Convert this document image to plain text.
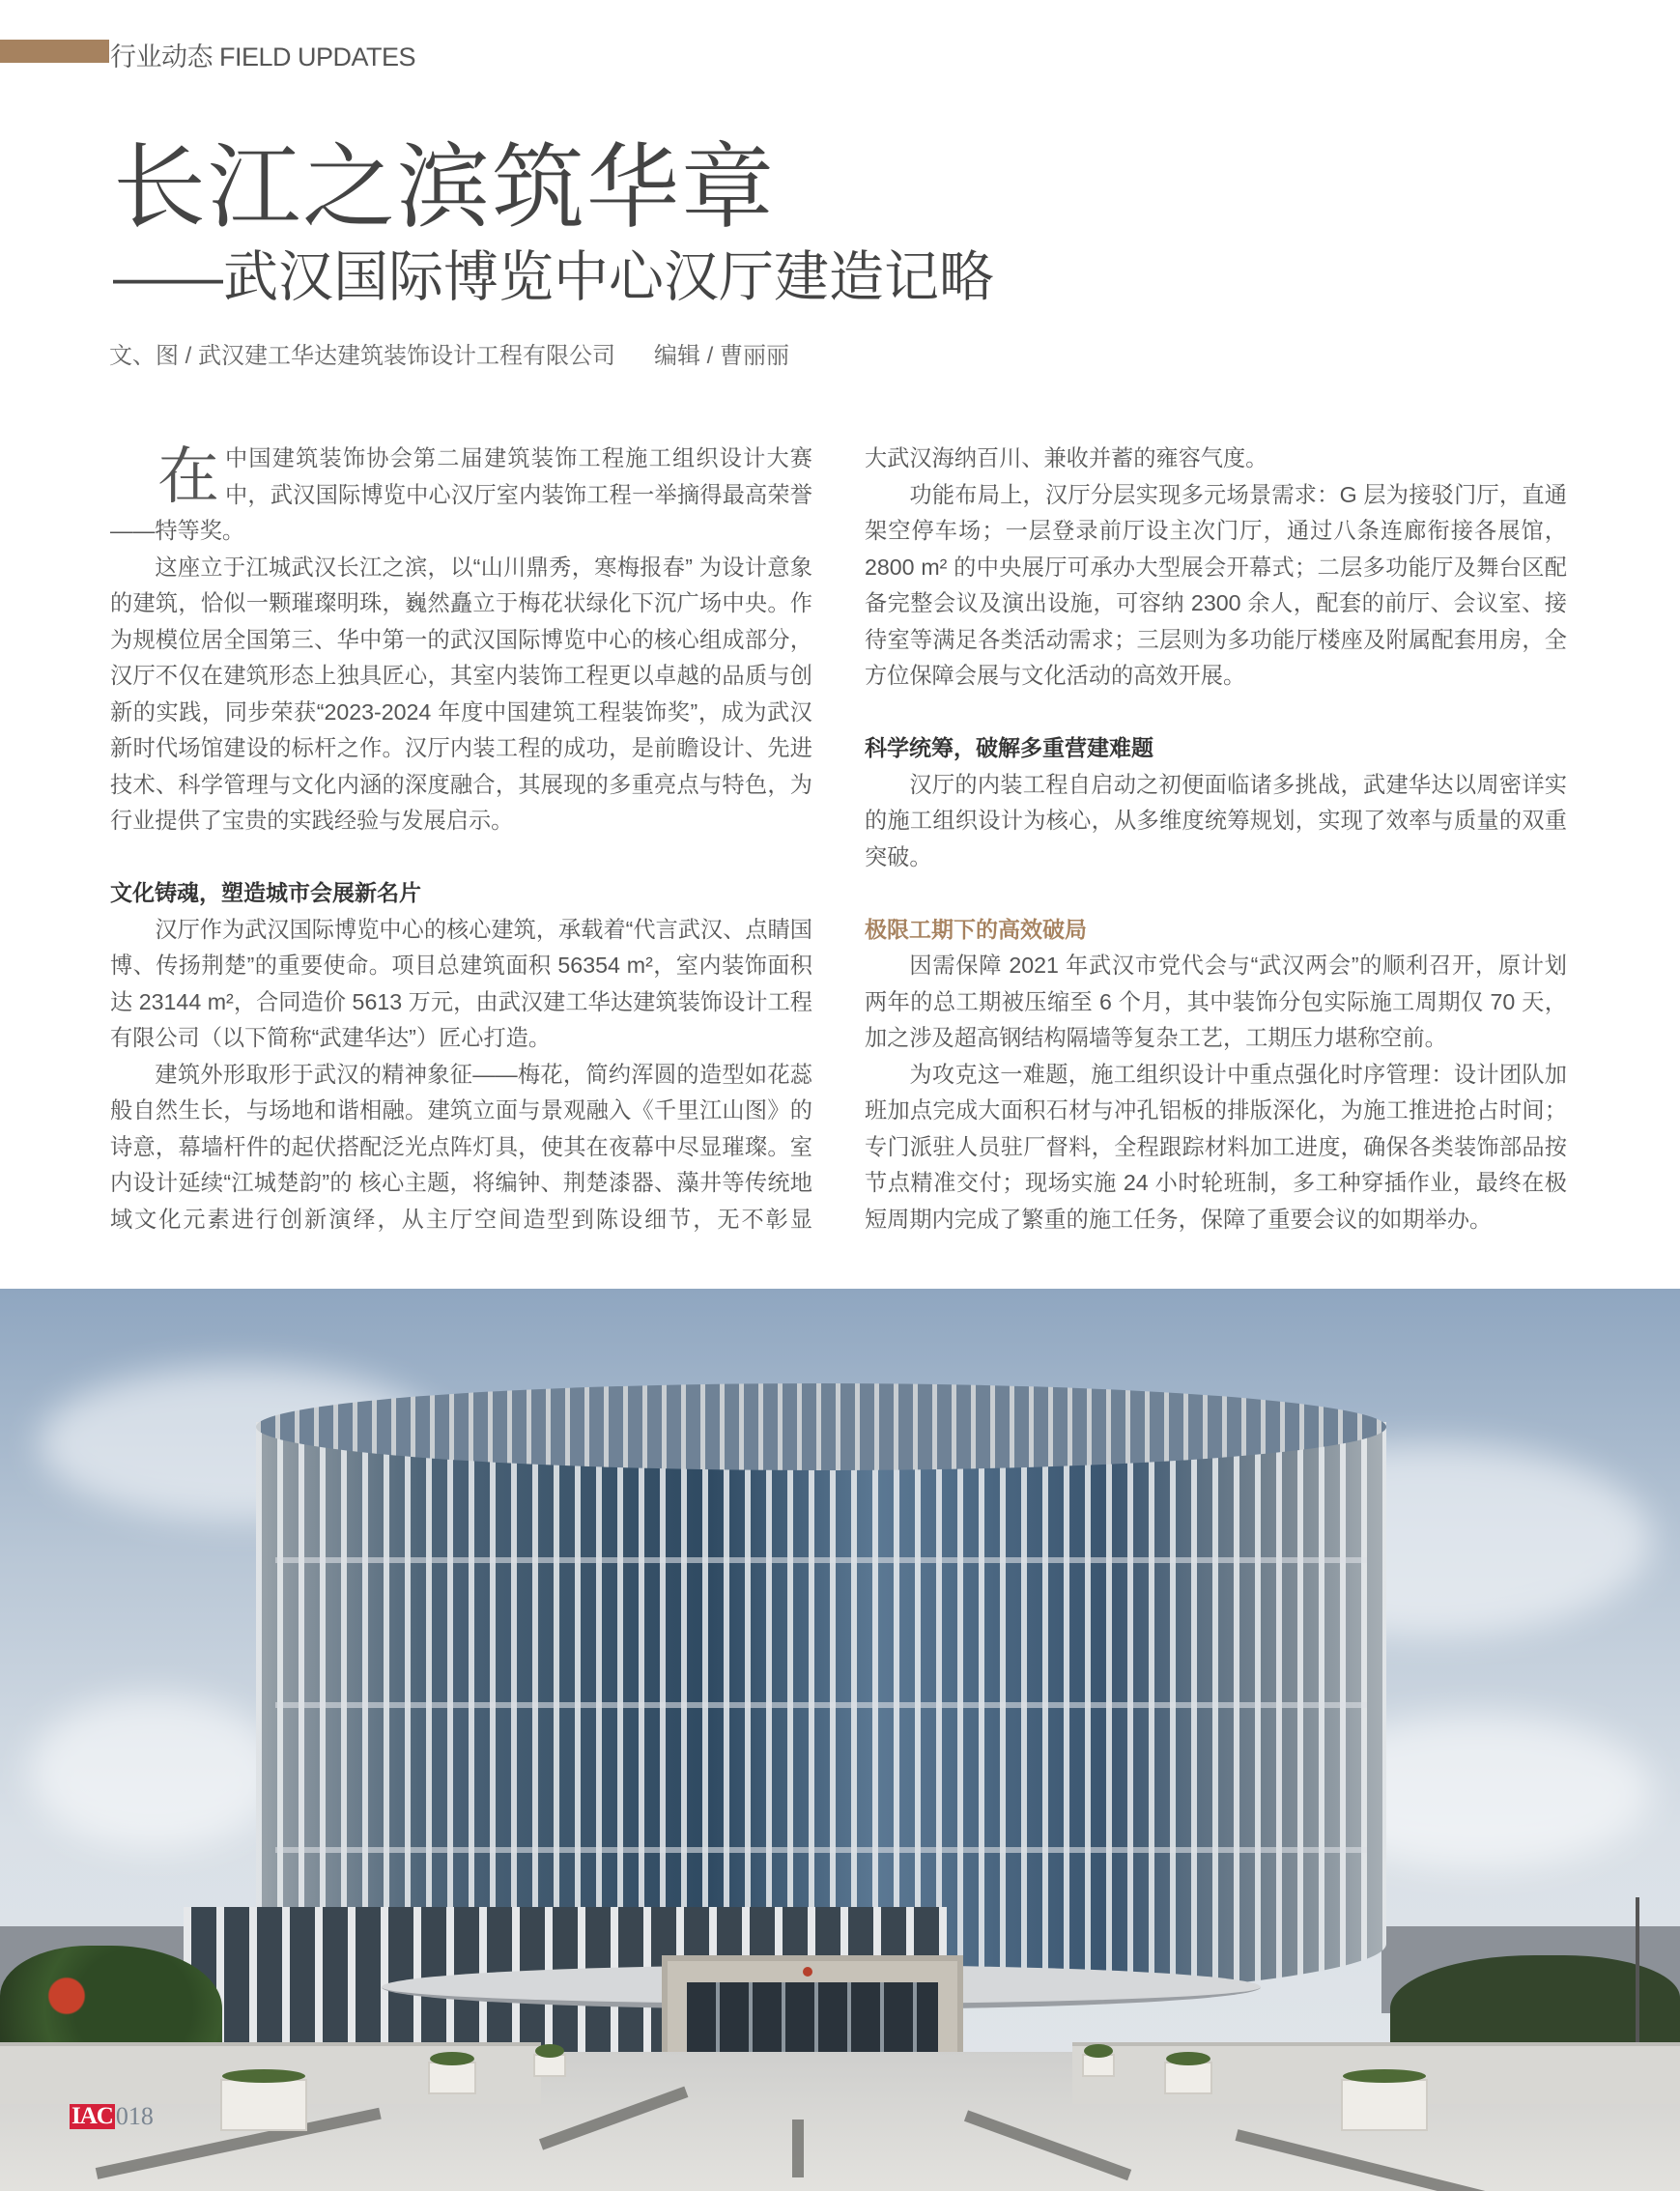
行业动态 FIELD UPDATES
长江之滨筑华章
——武汉国际博览中心汉厅建造记略
文、图 / 武汉建工华达建筑装饰设计工程有限公司 编辑 / 曹丽丽

在中国建筑装饰协会第二届建筑装饰工程施工组织设计大赛中，武汉国际博览中心汉厅室内装饰工程一举摘得最高荣誉——特等奖。

这座立于江城武汉长江之滨，以“山川鼎秀，寒梅报春” 为设计意象的建筑，恰似一颗璀璨明珠，巍然矗立于梅花状绿化下沉广场中央。作为规模位居全国第三、华中第一的武汉国际博览中心的核心组成部分，汉厅不仅在建筑形态上独具匠心，其室内装饰工程更以卓越的品质与创新的实践，同步荣获“2023-2024 年度中国建筑工程装饰奖”，成为武汉新时代场馆建设的标杆之作。汉厅内装工程的成功，是前瞻设计、先进技术、科学管理与文化内涵的深度融合，其展现的多重亮点与特色，为行业提供了宝贵的实践经验与发展启示。

文化铸魂，塑造城市会展新名片

汉厅作为武汉国际博览中心的核心建筑，承载着“代言武汉、点睛国博、传扬荆楚”的重要使命。项目总建筑面积 56354 m²，室内装饰面积达 23144 m²，合同造价 5613 万元，由武汉建工华达建筑装饰设计工程有限公司（以下简称“武建华达”）匠心打造。

建筑外形取形于武汉的精神象征——梅花，简约浑圆的造型如花蕊般自然生长，与场地和谐相融。建筑立面与景观融入《千里江山图》的诗意，幕墙杆件的起伏搭配泛光点阵灯具，使其在夜幕中尽显璀璨。室内设计延续“江城楚韵”的 核心主题，将编钟、荆楚漆器、藻井等传统地域文化元素进行创新演绎，从主厅空间造型到陈设细节，无不彰显

大武汉海纳百川、兼收并蓄的雍容气度。

功能布局上，汉厅分层实现多元场景需求：G 层为接驳门厅，直通架空停车场；一层登录前厅设主次门厅，通过八条连廊衔接各展馆，2800 m² 的中央展厅可承办大型展会开幕式；二层多功能厅及舞台区配备完整会议及演出设施，可容纳 2300 余人，配套的前厅、会议室、接待室等满足各类活动需求；三层则为多功能厅楼座及附属配套用房，全方位保障会展与文化活动的高效开展。

科学统筹，破解多重营建难题

汉厅的内装工程自启动之初便面临诸多挑战，武建华达以周密详实的施工组织设计为核心，从多维度统筹规划，实现了效率与质量的双重突破。

极限工期下的高效破局

因需保障 2021 年武汉市党代会与“武汉两会”的顺利召开，原计划两年的总工期被压缩至 6 个月，其中装饰分包实际施工周期仅 70 天，加之涉及超高钢结构隔墙等复杂工艺，工期压力堪称空前。

为攻克这一难题，施工组织设计中重点强化时序管理：设计团队加班加点完成大面积石材与冲孔铝板的排版深化，为施工推进抢占时间；专门派驻人员驻厂督料，全程跟踪材料加工进度，确保各类装饰部品按节点精准交付；现场实施 24 小时轮班制，多工种穿插作业，最终在极短周期内完成了繁重的施工任务，保障了重要会议的如期举办。

IAC 018
